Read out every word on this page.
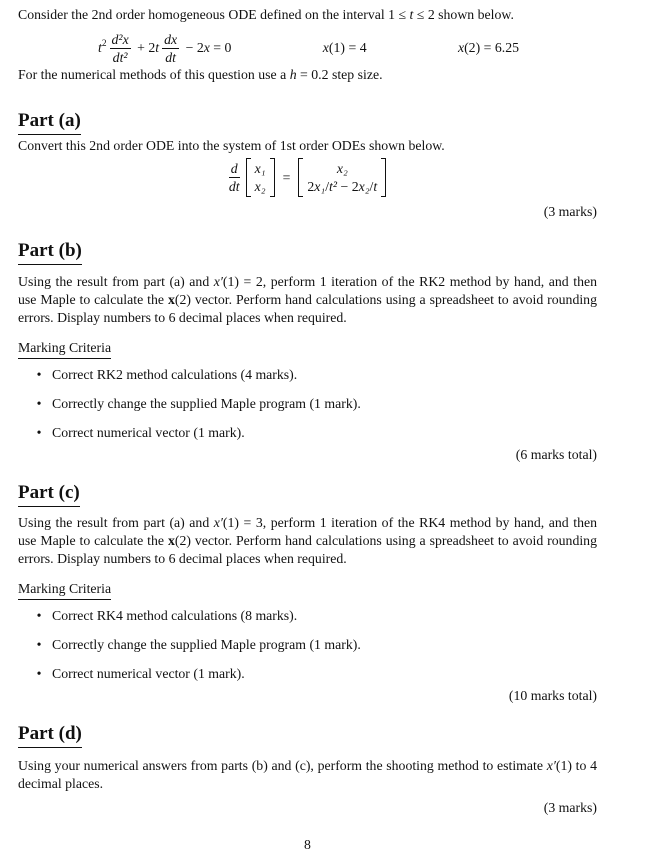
Consider the 2nd order homogeneous ODE defined on the interval 1 ≤ t ≤ 2 shown below.
$t^2 \frac{\text{d²x}}{\text{dt²}} + 2$ t $\frac{dx}{dt} - 2$ x = 0	x(1) = 4	x(2) = 6.25
For the numerical methods of this question use a h = 0.2 step size.
Part (a)
Convert this 2nd order ODE into the system of 1st order ODEs shown below.
$\frac{d}{dt} x_1$
x₂
=
x₂
2x₁/t² − 2x₂/t
(3 marks)
Part (b)
Using the result from part (a) and x′(1) = 2, perform 1 iteration of the RK2 method by hand, and then use Maple to calculate the x(2) vector. Perform hand calculations using a spreadsheet to avoid rounding errors. Display numbers to 6 decimal places when required.
Marking Criteria
• Correct RK2 method calculations (4 marks).
• Correctly change the supplied Maple program (1 mark).
• Correct numerical vector (1 mark).
(6 marks total)
Part (c)
Using the result from part (a) and x′(1) = 3, perform 1 iteration of the RK4 method by hand, and then use Maple to calculate the x(2) vector. Perform hand calculations using a spreadsheet to avoid rounding errors. Display numbers to 6 decimal places when required.
Marking Criteria
• Correct RK4 method calculations (8 marks).
• Correctly change the supplied Maple program (1 mark).
• Correct numerical vector (1 mark).
(10 marks total)
Part (d)
Using your numerical answers from parts (b) and (c), perform the shooting method to estimate x′(1) to 4 decimal places.
(3 marks)
8
